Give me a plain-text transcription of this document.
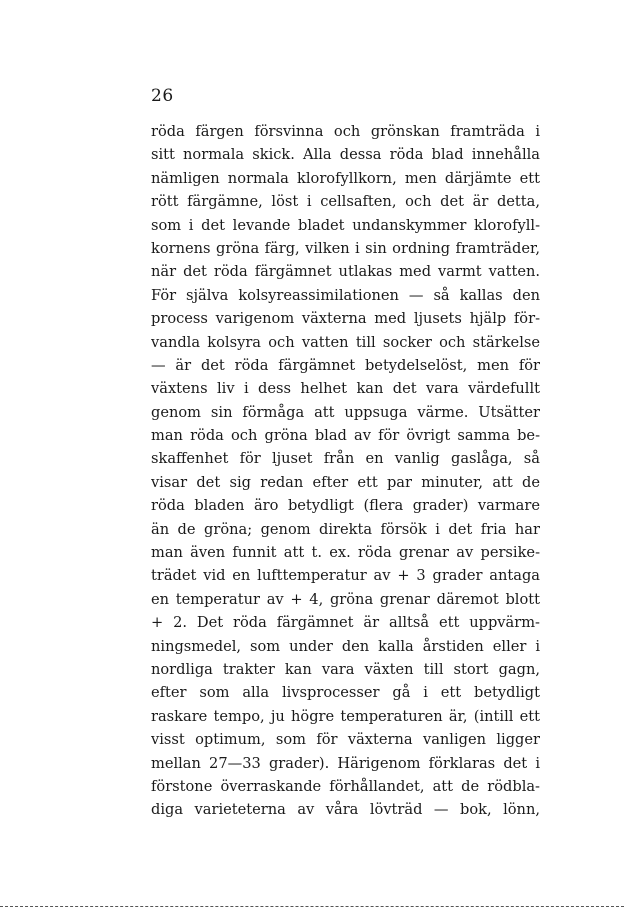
26
röda färgen försvinna och grönskan framträda i
sitt normala skick. Alla dessa röda blad innehålla
nämligen normala klorofyllkorn, men därjämte ett
rött färgämne, löst i cellsaften, och det är detta,
som i det levande bladet undanskymmer klorofyll-
kornens gröna färg, vilken i sin ordning framträder,
när det röda färgämnet utlakas med varmt vatten.
För själva kolsyreassimilationen — så kallas den
process varigenom växterna med ljusets hjälp för-
vandla kolsyra och vatten till socker och stärkelse
— är det röda färgämnet betydelselöst, men för
växtens liv i dess helhet kan det vara värdefullt
genom sin förmåga att uppsuga värme. Utsätter
man röda och gröna blad av för övrigt samma be-
skaffenhet för ljuset från en vanlig gaslåga, så
visar det sig redan efter ett par minuter, att de
röda bladen äro betydligt (flera grader) varmare
än de gröna; genom direkta försök i det fria har
man även funnit att t. ex. röda grenar av persike-
trädet vid en lufttemperatur av + 3 grader antaga
en temperatur av + 4, gröna grenar däremot blott
+ 2. Det röda färgämnet är alltså ett uppvärm-
ningsmedel, som under den kalla årstiden eller i
nordliga trakter kan vara växten till stort gagn,
efter som alla livsprocesser gå i ett betydligt
raskare tempo, ju högre temperaturen är, (intill ett
visst optimum, som för växterna vanligen ligger
mellan 27—33 grader). Härigenom förklaras det i
förstone överraskande förhållandet, att de rödbla-
diga varieteterna av våra lövträd — bok, lönn,
